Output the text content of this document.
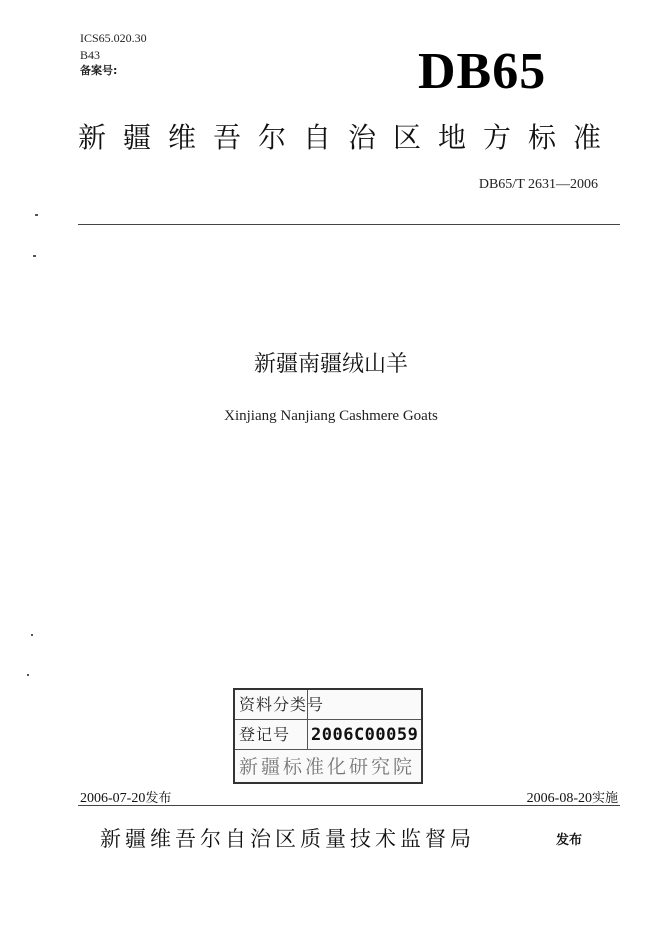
ICS65.020.30
B43
备案号:	DB65
新疆维吾尔自治区地方标准
DB65/T 2631—2006
新疆南疆绒山羊
Xinjiang Nanjiang Cashmere Goats
资料分类号
登记号	2006C00059
新疆标准化研究院
2006-07-20发布	2006-08-20实施
新疆维吾尔自治区质量技术监督局	发布
